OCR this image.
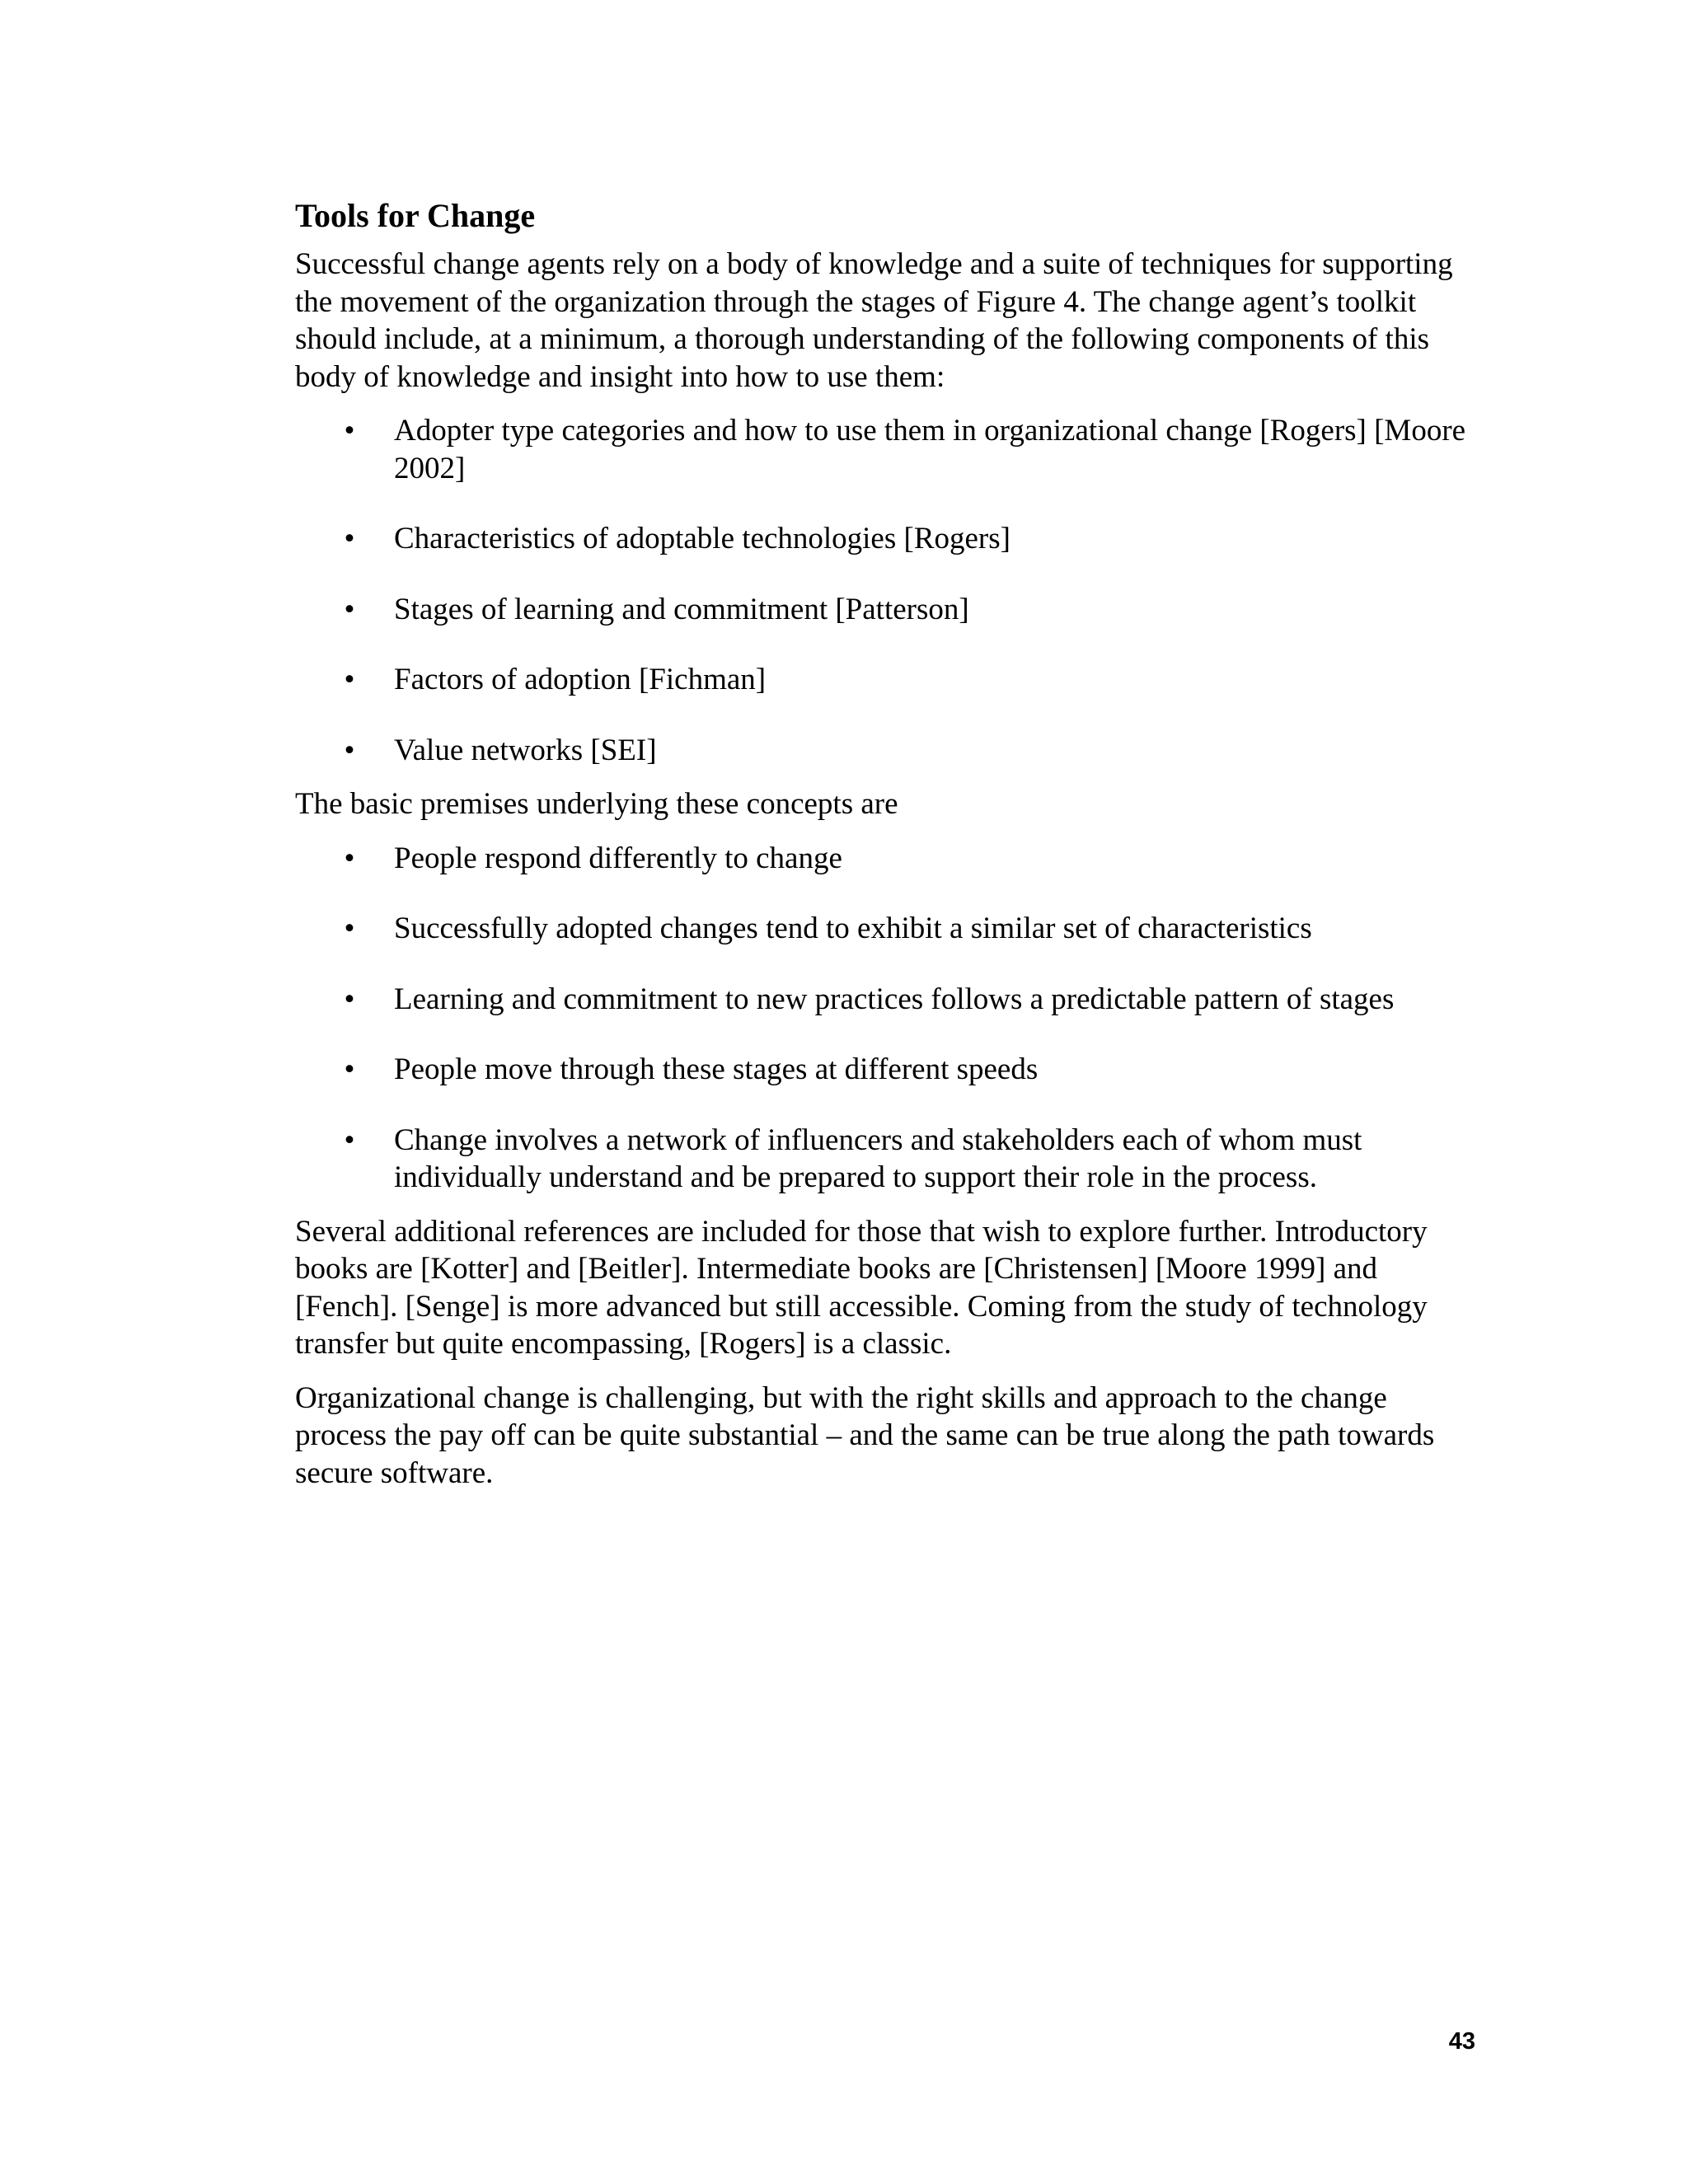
Tools for Change

Successful change agents rely on a body of knowledge and a suite of techniques for supporting the movement of the organization through the stages of Figure 4. The change agent’s toolkit should include, at a minimum, a thorough understanding of the following components of this body of knowledge and insight into how to use them:

• Adopter type categories and how to use them in organizational change [Rogers] [Moore 2002]
• Characteristics of adoptable technologies [Rogers]
• Stages of learning and commitment [Patterson]
• Factors of adoption [Fichman]
• Value networks [SEI]

The basic premises underlying these concepts are

• People respond differently to change
• Successfully adopted changes tend to exhibit a similar set of characteristics
• Learning and commitment to new practices follows a predictable pattern of stages
• People move through these stages at different speeds
• Change involves a network of influencers and stakeholders each of whom must individually understand and be prepared to support their role in the process.

Several additional references are included for those that wish to explore further. Introductory books are [Kotter] and [Beitler]. Intermediate books are [Christensen] [Moore 1999] and [Fench]. [Senge] is more advanced but still accessible. Coming from the study of technology transfer but quite encompassing, [Rogers] is a classic.

Organizational change is challenging, but with the right skills and approach to the change process the pay off can be quite substantial – and the same can be true along the path towards secure software.

43
